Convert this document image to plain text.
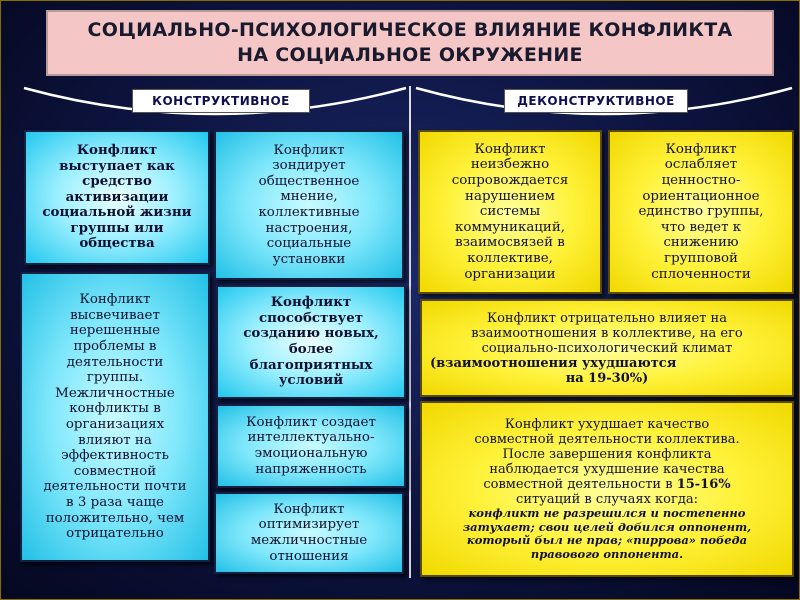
СОЦИАЛЬНО-ПСИХОЛОГИЧЕСКОЕ ВЛИЯНИЕ КОНФЛИКТА
НА СОЦИАЛЬНОЕ ОКРУЖЕНИЕ
КОНСТРУКТИВНОЕ	ДЕКОНСТРУКТИВНОЕ
Конфликт
выступает как
средство
активизации
социальной жизни
группы или
общества
Конфликт
зондирует
общественное
мнение,
коллективные
настроения,
социальные
установки
Конфликт
высвечивает
нерешенные
проблемы в
деятельности
группы.
Межличностные
конфликты в
организациях
влияют на
эффективность
совместной
деятельности почти
в 3 раза чаще
положительно, чем
отрицательно
Конфликт
способствует
созданию новых,
более
благоприятных
условий
Конфликт создает
интеллектуально-
эмоциональную
напряженность
Конфликт
оптимизирует
межличностные
отношения
Конфликт
неизбежно
сопровождается
нарушением
системы
коммуникаций,
взаимосвязей в
коллективе,
организации
Конфликт
ослабляет
ценностно-
ориентационное
единство группы,
что ведет к
снижению
групповой
сплоченности
Конфликт отрицательно влияет на
взаимоотношения в коллективе, на его
социально-психологический климат
(взаимоотношения ухудшаются
на 19-30%)
Конфликт ухудшает качество
совместной деятельности коллектива.
После завершения конфликта
наблюдается ухудшение качества
совместной деятельности в 15-16%
ситуаций в случаях когда:
конфликт не разрешился и постепенно
затухает; свои целей добился оппонент,
который был не прав; «пиррова» победа
правового оппонента.
